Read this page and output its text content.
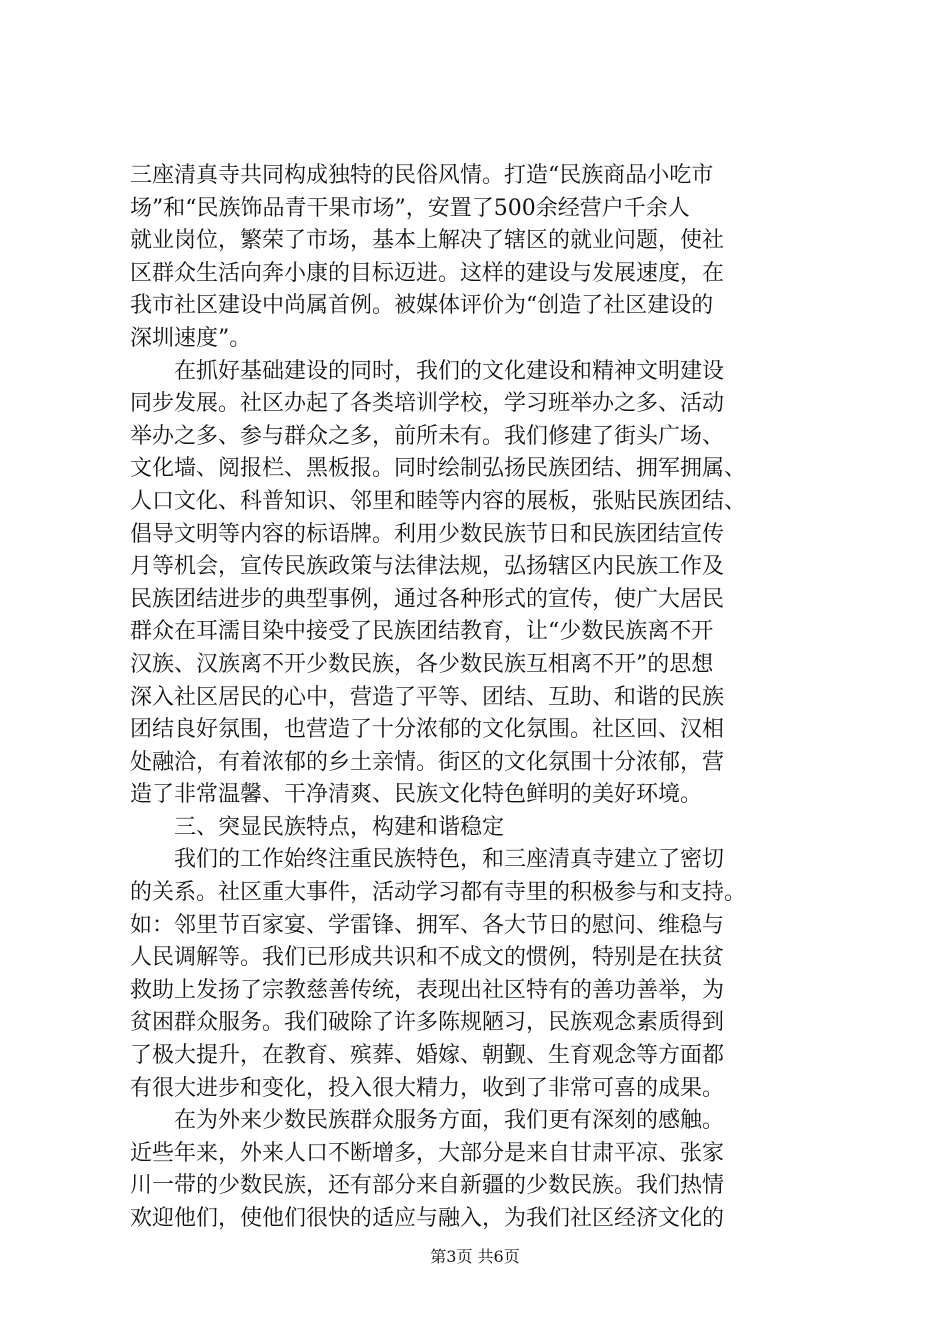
三座清真寺共同构成独特的民俗风情。打造“民族商品小吃市
场”和“民族饰品青干果市场”，安置了500余经营户千余人
就业岗位，繁荣了市场，基本上解决了辖区的就业问题，使社
区群众生活向奔小康的目标迈进。这样的建设与发展速度，在
我市社区建设中尚属首例。被媒体评价为“创造了社区建设的
深圳速度”。

　　在抓好基础建设的同时，我们的文化建设和精神文明建设
同步发展。社区办起了各类培训学校，学习班举办之多、活动
举办之多、参与群众之多，前所未有。我们修建了街头广场、
文化墙、阅报栏、黑板报。同时绘制弘扬民族团结、拥军拥属、
人口文化、科普知识、邻里和睦等内容的展板，张贴民族团结、
倡导文明等内容的标语牌。利用少数民族节日和民族团结宣传
月等机会，宣传民族政策与法律法规，弘扬辖区内民族工作及
民族团结进步的典型事例，通过各种形式的宣传，使广大居民
群众在耳濡目染中接受了民族团结教育，让“少数民族离不开
汉族、汉族离不开少数民族，各少数民族互相离不开”的思想
深入社区居民的心中，营造了平等、团结、互助、和谐的民族
团结良好氛围，也营造了十分浓郁的文化氛围。社区回、汉相
处融洽，有着浓郁的乡土亲情。街区的文化氛围十分浓郁，营
造了非常温馨、干净清爽、民族文化特色鲜明的美好环境。

　　三、突显民族特点，构建和谐稳定

　　我们的工作始终注重民族特色，和三座清真寺建立了密切
的关系。社区重大事件，活动学习都有寺里的积极参与和支持。
如：邻里节百家宴、学雷锋、拥军、各大节日的慰问、维稳与
人民调解等。我们已形成共识和不成文的惯例，特别是在扶贫
救助上发扬了宗教慈善传统，表现出社区特有的善功善举，为
贫困群众服务。我们破除了许多陈规陋习，民族观念素质得到
了极大提升，在教育、殡葬、婚嫁、朝觐、生育观念等方面都
有很大进步和变化，投入很大精力，收到了非常可喜的成果。

　　在为外来少数民族群众服务方面，我们更有深刻的感触。
近些年来，外来人口不断增多，大部分是来自甘肃平凉、张家
川一带的少数民族，还有部分来自新疆的少数民族。我们热情
欢迎他们，使他们很快的适应与融入，为我们社区经济文化的

第3页 共6页
